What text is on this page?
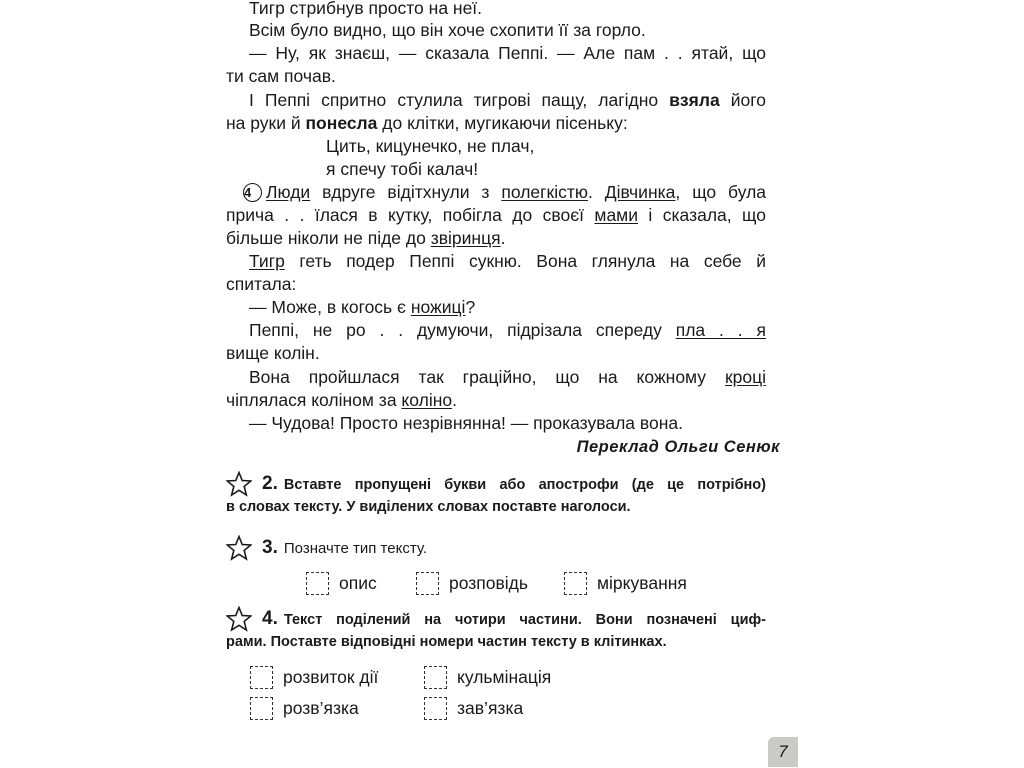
Тигр стрибнув просто на неї.
Всім було видно, що він хоче схопити її за горло.
— Ну, як знаєш, — сказала Пеппі. — Але пам . . ятай, що
ти сам почав.
І Пеппі спритно стулила тигрові пащу, лагідно взяла його
на руки й понесла до клітки, мугикаючи пісеньку:
Цить, кицунечко, не плач,
я спечу тобі калач!
4 Люди вдруге відітхнули з полегкістю. Дівчинка, що була
прича . . їлася в кутку, побігла до своєї мами і сказала, що
більше ніколи не піде до звіринця.
Тигр геть подер Пеппі сукню. Вона глянула на себе й
спитала:
— Може, в когось є ножиці?
Пеппі, не ро . . думуючи, підрізала спереду пла . . я
вище колін.
Вона пройшлася так граційно, що на кожному кроці
чіплялася коліном за коліно.
— Чудова! Просто незрівнянна! — проказувала вона.
Переклад Ольги Сенюк
2. Вставте пропущені букви або апострофи (де це потрібно)
в словах тексту. У виділених словах поставте наголоси.
3. Позначте тип тексту.
опис	розповідь	міркування
4. Текст поділений на чотири частини. Вони позначені циф-
рами. Поставте відповідні номери частин тексту в клітинках.
розвиток дії	кульмінація
розв’язка	зав’язка
7
